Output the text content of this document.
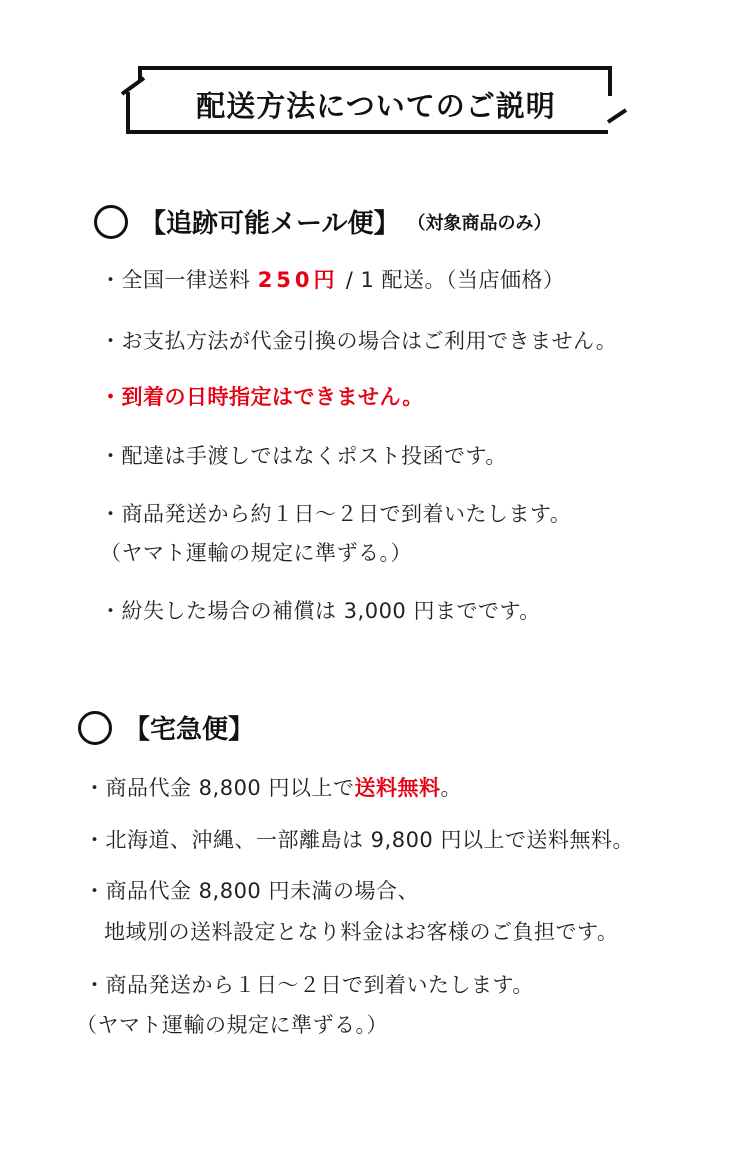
配送方法についてのご説明
【追跡可能メール便】 （対象商品のみ）
・全国一律送料 250円 / 1 配送。（当店価格）
・お支払方法が代金引換の場合はご利用できません。
・到着の日時指定はできません。
・配達は手渡しではなくポスト投函です。
・商品発送から約１日〜２日で到着いたします。
（ヤマト運輸の規定に準ずる。）
・紛失した場合の補償は 3,000 円までです。
【宅急便】
・商品代金 8,800 円以上で送料無料。
・北海道、沖縄、一部離島は 9,800 円以上で送料無料。
・商品代金 8,800 円未満の場合、
地域別の送料設定となり料金はお客様のご負担です。
・商品発送から１日〜２日で到着いたします。
（ヤマト運輸の規定に準ずる。）
